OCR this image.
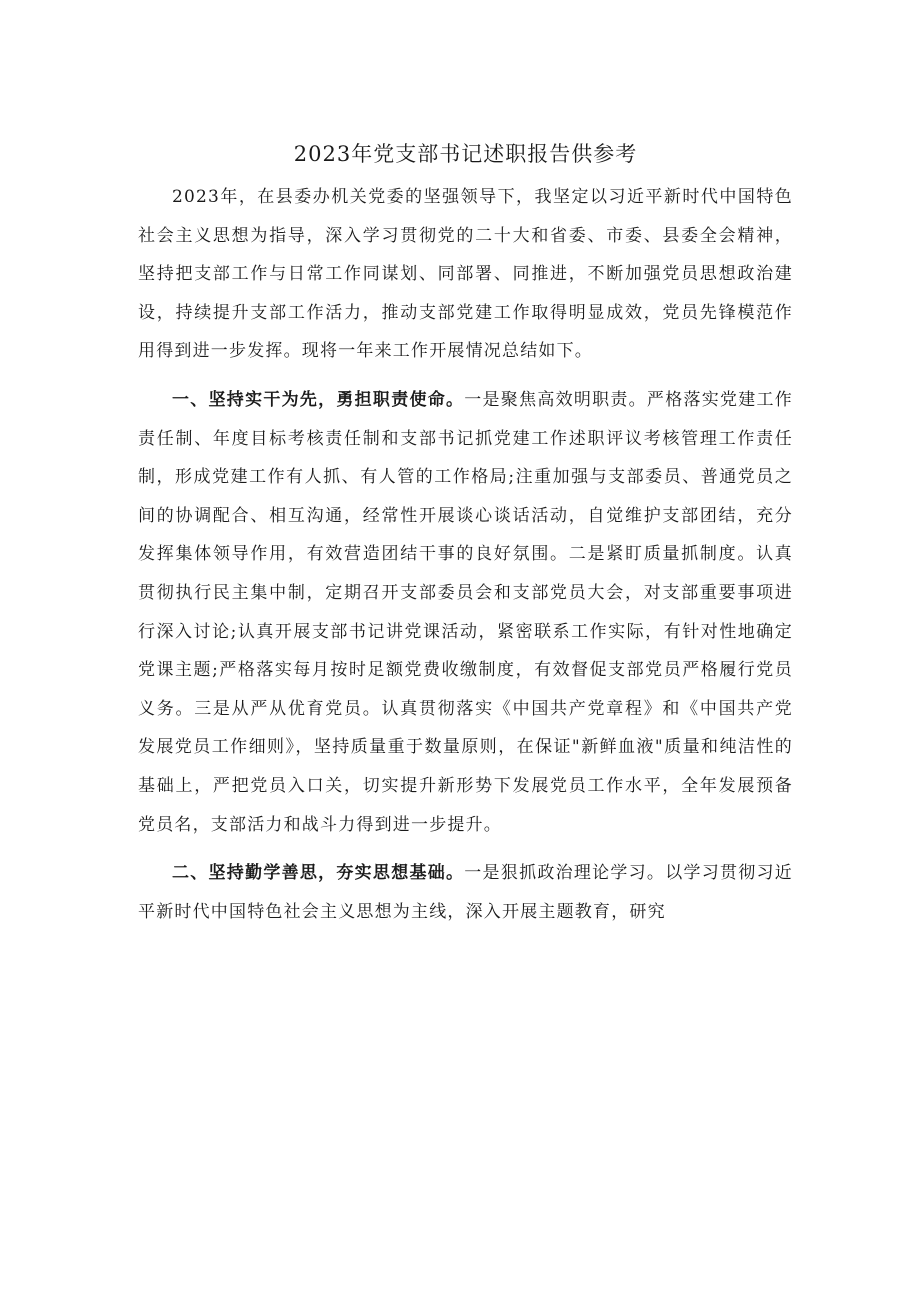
2023年党支部书记述职报告供参考

2023年，在县委办机关党委的坚强领导下，我坚定以习近平新时代中国特色社会主义思想为指导，深入学习贯彻党的二十大和省委、市委、县委全会精神，坚持把支部工作与日常工作同谋划、同部署、同推进，不断加强党员思想政治建设，持续提升支部工作活力，推动支部党建工作取得明显成效，党员先锋模范作用得到进一步发挥。现将一年来工作开展情况总结如下。

一、坚持实干为先，勇担职责使命。一是聚焦高效明职责。严格落实党建工作责任制、年度目标考核责任制和支部书记抓党建工作述职评议考核管理工作责任制，形成党建工作有人抓、有人管的工作格局;注重加强与支部委员、普通党员之间的协调配合、相互沟通，经常性开展谈心谈话活动，自觉维护支部团结，充分发挥集体领导作用，有效营造团结干事的良好氛围。二是紧盯质量抓制度。认真贯彻执行民主集中制，定期召开支部委员会和支部党员大会，对支部重要事项进行深入讨论;认真开展支部书记讲党课活动，紧密联系工作实际，有针对性地确定党课主题;严格落实每月按时足额党费收缴制度，有效督促支部党员严格履行党员义务。三是从严从优育党员。认真贯彻落实《中国共产党章程》和《中国共产党发展党员工作细则》，坚持质量重于数量原则，在保证"新鲜血液"质量和纯洁性的基础上，严把党员入口关，切实提升新形势下发展党员工作水平，全年发展预备党员名，支部活力和战斗力得到进一步提升。

二、坚持勤学善思，夯实思想基础。一是狠抓政治理论学习。以学习贯彻习近平新时代中国特色社会主义思想为主线，深入开展主题教育，研究
